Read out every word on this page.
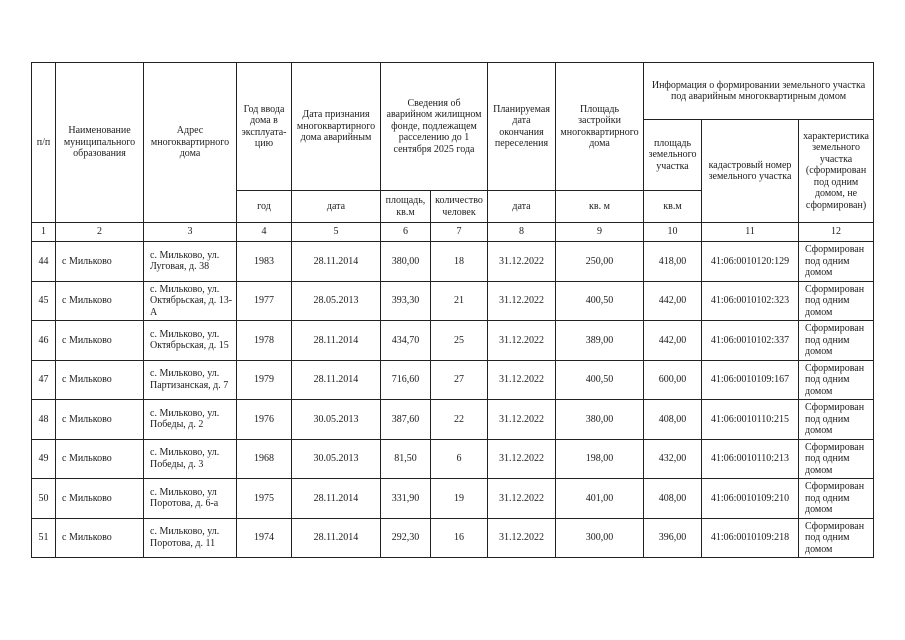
п/п	Наименование муниципального образования	Адрес многоквартирного дома	Год ввода дома в эксплуата-цию	Дата признания многоквартирного дома аварийным	Сведения об аварийном жилищном фонде, подлежащем расселению до 1 сентября 2025 года		Планируемая дата окончания переселения	Площадь застройки многоквартирного дома	Информация о формировании земельного участка под аварийным многоквартирным домом		
									площадь земельного участка	кадастровый номер земельного участка	характеристика земельного участка (сформирован под одним домом, не сформирован)
			год	дата	площадь, кв.м	количество человек	дата	кв. м	кв.м		
1	2	3	4	5	6	7	8	9	10	11	12
44	с Мильково	с. Мильково, ул. Луговая, д. 38	1983	28.11.2014	380,00	18	31.12.2022	250,00	418,00	41:06:0010120:129	Сформирован под одним домом
45	с Мильково	с. Мильково, ул. Октябрьская, д. 13-А	1977	28.05.2013	393,30	21	31.12.2022	400,50	442,00	41:06:0010102:323	Сформирован под одним домом
46	с Мильково	с. Мильково, ул. Октябрьская, д. 15	1978	28.11.2014	434,70	25	31.12.2022	389,00	442,00	41:06:0010102:337	Сформирован под одним домом
47	с Мильково	с. Мильково, ул. Партизанская, д. 7	1979	28.11.2014	716,60	27	31.12.2022	400,50	600,00	41:06:0010109:167	Сформирован под одним домом
48	с Мильково	с. Мильково, ул. Победы, д. 2	1976	30.05.2013	387,60	22	31.12.2022	380,00	408,00	41:06:0010110:215	Сформирован под одним домом
49	с Мильково	с. Мильково, ул. Победы, д. 3	1968	30.05.2013	81,50	6	31.12.2022	198,00	432,00	41:06:0010110:213	Сформирован под одним домом
50	с Мильково	с. Мильково, ул Поротова, д. 6-а	1975	28.11.2014	331,90	19	31.12.2022	401,00	408,00	41:06:0010109:210	Сформирован под одним домом
51	с Мильково	с. Мильково, ул. Поротова, д. 11	1974	28.11.2014	292,30	16	31.12.2022	300,00	396,00	41:06:0010109:218	Сформирован под одним домом
